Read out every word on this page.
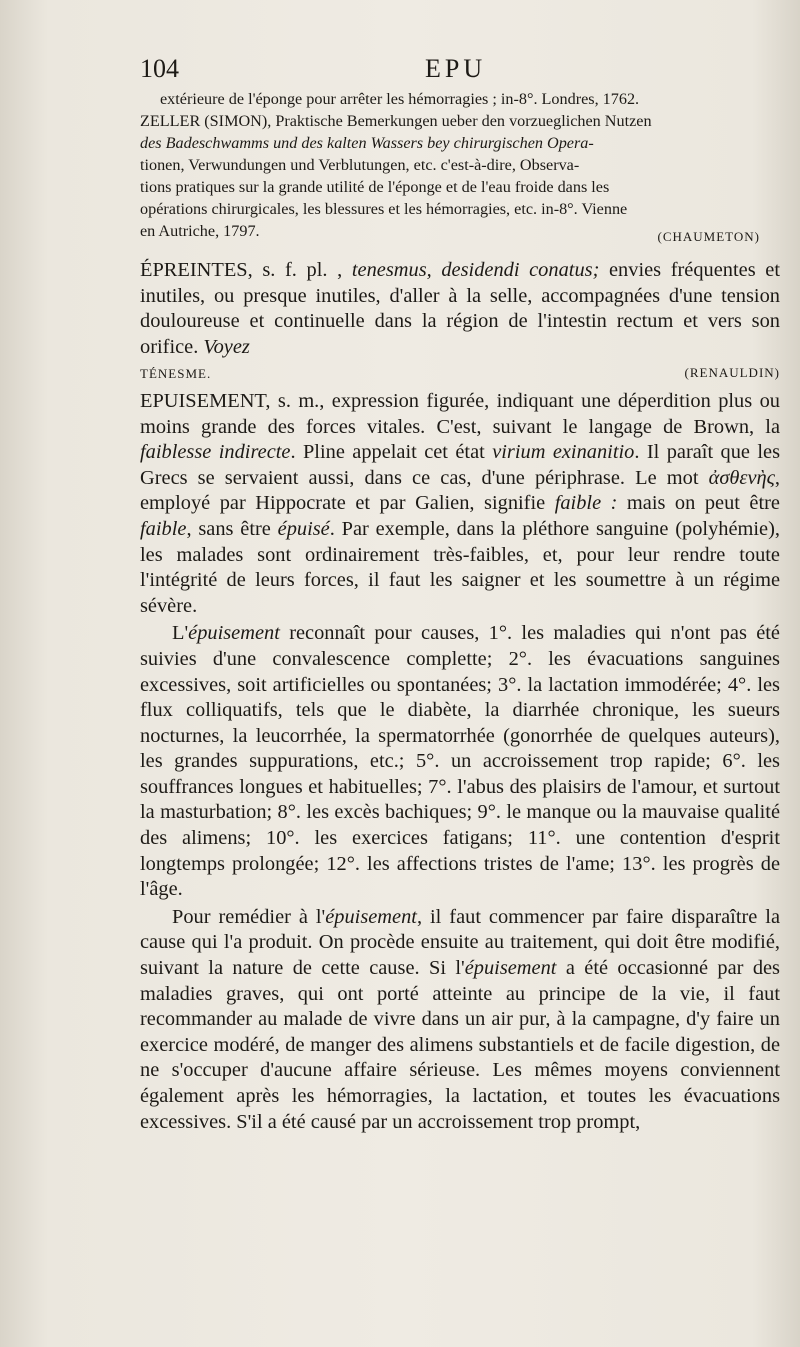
104	EPU
extérieure de l'éponge pour arrêter les hémorragies ; in-8°. Londres, 1762.
ZELLER (SIMON), Praktische Bemerkungen ueber den vorzueglichen Nutzen
des Badeschwamms und des kalten Wassers bey chirurgischen Opera-
tionen, Verwundungen und Verblutungen, etc. c'est-à-dire, Observa-
tions pratiques sur la grande utilité de l'éponge et de l'eau froide dans les
opérations chirurgicales, les blessures et les hémorragies, etc. in-8°. Vienne
en Autriche, 1797.	(CHAUMETON)

ÉPREINTES, s. f. pl. , tenesmus, desidendi conatus; envies fréquentes et inutiles, ou presque inutiles, d'aller à la selle, accompagnées d'une tension douloureuse et continuelle dans la région de l'intestin rectum et vers son orifice. Voyez
TÉNESME.	(RENAULDIN)

EPUISEMENT, s. m., expression figurée, indiquant une déperdition plus ou moins grande des forces vitales. C'est, suivant le langage de Brown, la faiblesse indirecte. Pline appelait cet état virium exinanitio. Il paraît que les Grecs se servaient aussi, dans ce cas, d'une périphrase. Le mot ἀσθενὴς, employé par Hippocrate et par Galien, signifie faible : mais on peut être faible, sans être épuisé. Par exemple, dans la pléthore sanguine (polyhémie), les malades sont ordinairement très-faibles, et, pour leur rendre toute l'intégrité de leurs forces, il faut les saigner et les soumettre à un régime sévère.

L'épuisement reconnaît pour causes, 1°. les maladies qui n'ont pas été suivies d'une convalescence complette; 2°. les évacuations sanguines excessives, soit artificielles ou spontanées; 3°. la lactation immodérée; 4°. les flux colliquatifs, tels que le diabète, la diarrhée chronique, les sueurs nocturnes, la leucorrhée, la spermatorrhée (gonorrhée de quelques auteurs), les grandes suppurations, etc.; 5°. un accroissement trop rapide; 6°. les souffrances longues et habituelles; 7°. l'abus des plaisirs de l'amour, et surtout la masturbation; 8°. les excès bachiques; 9°. le manque ou la mauvaise qualité des alimens; 10°. les exercices fatigans; 11°. une contention d'esprit longtemps prolongée; 12°. les affections tristes de l'ame; 13°. les progrès de l'âge.

Pour remédier à l'épuisement, il faut commencer par faire disparaître la cause qui l'a produit. On procède ensuite au traitement, qui doit être modifié, suivant la nature de cette cause. Si l'épuisement a été occasionné par des maladies graves, qui ont porté atteinte au principe de la vie, il faut recommander au malade de vivre dans un air pur, à la campagne, d'y faire un exercice modéré, de manger des alimens substantiels et de facile digestion, de ne s'occuper d'aucune affaire sérieuse. Les mêmes moyens conviennent également après les hémorragies, la lactation, et toutes les évacuations excessives. S'il a été causé par un accroissement trop prompt,
